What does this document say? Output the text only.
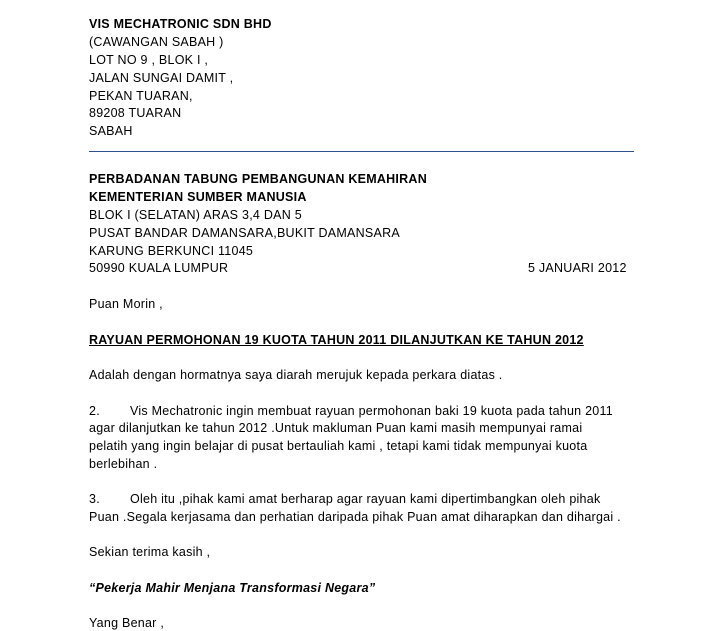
VIS MECHATRONIC SDN BHD
(CAWANGAN SABAH )
LOT NO 9 , BLOK I ,
JALAN SUNGAI DAMIT ,
PEKAN TUARAN,
89208 TUARAN
SABAH
PERBADANAN TABUNG PEMBANGUNAN KEMAHIRAN
KEMENTERIAN SUMBER MANUSIA
BLOK I (SELATAN) ARAS 3,4 DAN 5
PUSAT BANDAR DAMANSARA,BUKIT DAMANSARA
KARUNG BERKUNCI 11045
50990 KUALA LUMPUR	5 JANUARI 2012
Puan Morin ,
RAYUAN PERMOHONAN 19 KUOTA TAHUN 2011 DILANJUTKAN KE TAHUN 2012
Adalah dengan hormatnya saya diarah merujuk kepada perkara diatas .
2. Vis Mechatronic ingin membuat rayuan permohonan baki 19 kuota pada tahun 2011
agar dilanjutkan ke tahun 2012 .Untuk makluman Puan kami masih mempunyai ramai
pelatih yang ingin belajar di pusat bertauliah kami , tetapi kami tidak mempunyai kuota
berlebihan .
3. Oleh itu ,pihak kami amat berharap agar rayuan kami dipertimbangkan oleh pihak
Puan .Segala kerjasama dan perhatian daripada pihak Puan amat diharapkan dan dihargai .
Sekian terima kasih ,
“Pekerja Mahir Menjana Transformasi Negara”
Yang Benar ,
